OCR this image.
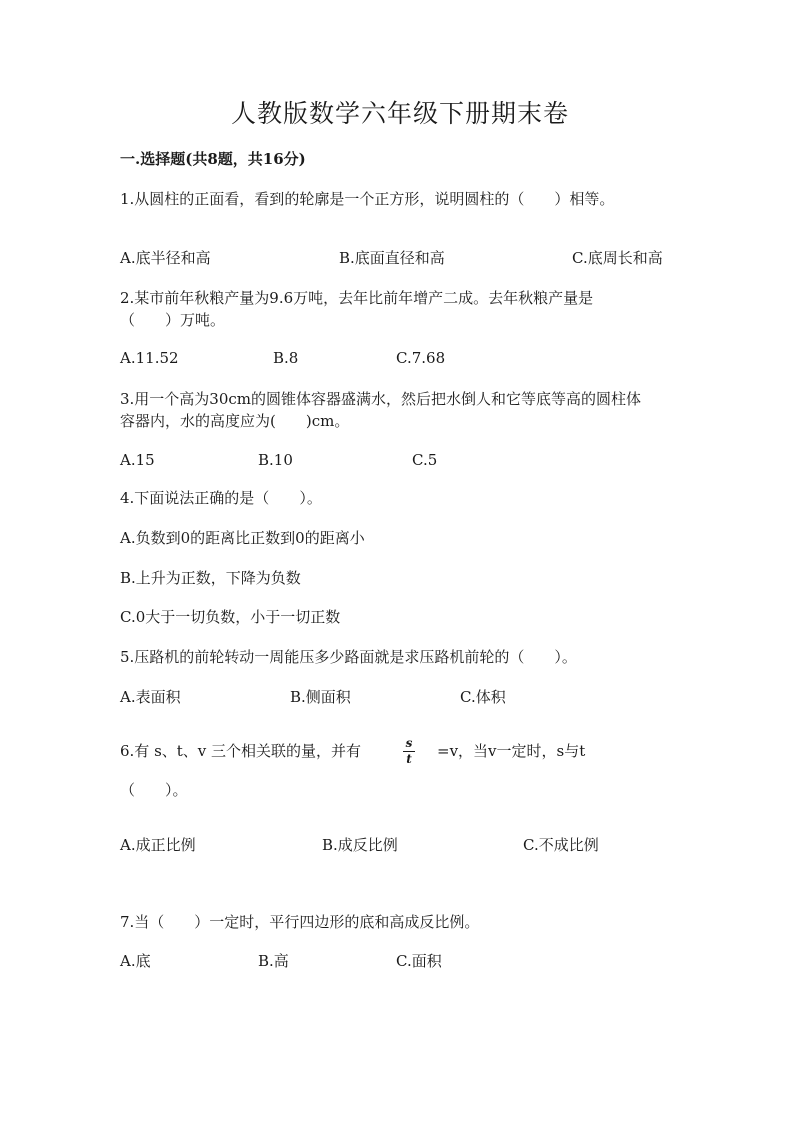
人教版数学六年级下册期末卷
一.选择题(共8题，共16分)
1.从圆柱的正面看，看到的轮廓是一个正方形，说明圆柱的（　　）相等。
A.底半径和高	B.底面直径和高	C.底周长和高
2.某市前年秋粮产量为9.6万吨，去年比前年增产二成。去年秋粮产量是
（　　）万吨。
A.11.52	B.8	C.7.68
3.用一个高为30cm的圆锥体容器盛满水，然后把水倒人和它等底等高的圆柱体
容器内，水的高度应为(　　)cm。
A.15	B.10	C.5
4.下面说法正确的是（　　）。
A.负数到0的距离比正数到0的距离小
B.上升为正数，下降为负数
C.0大于一切负数，小于一切正数
5.压路机的前轮转动一周能压多少路面就是求压路机前轮的（　　）。
A.表面积	B.侧面积	C.体积
6.有 s、t、v 三个相关联的量，并有	s
t	=v，当v一定时，s与t
（　　）。
A.成正比例	B.成反比例	C.不成比例
7.当（　　）一定时，平行四边形的底和高成反比例。
A.底	B.高	C.面积
